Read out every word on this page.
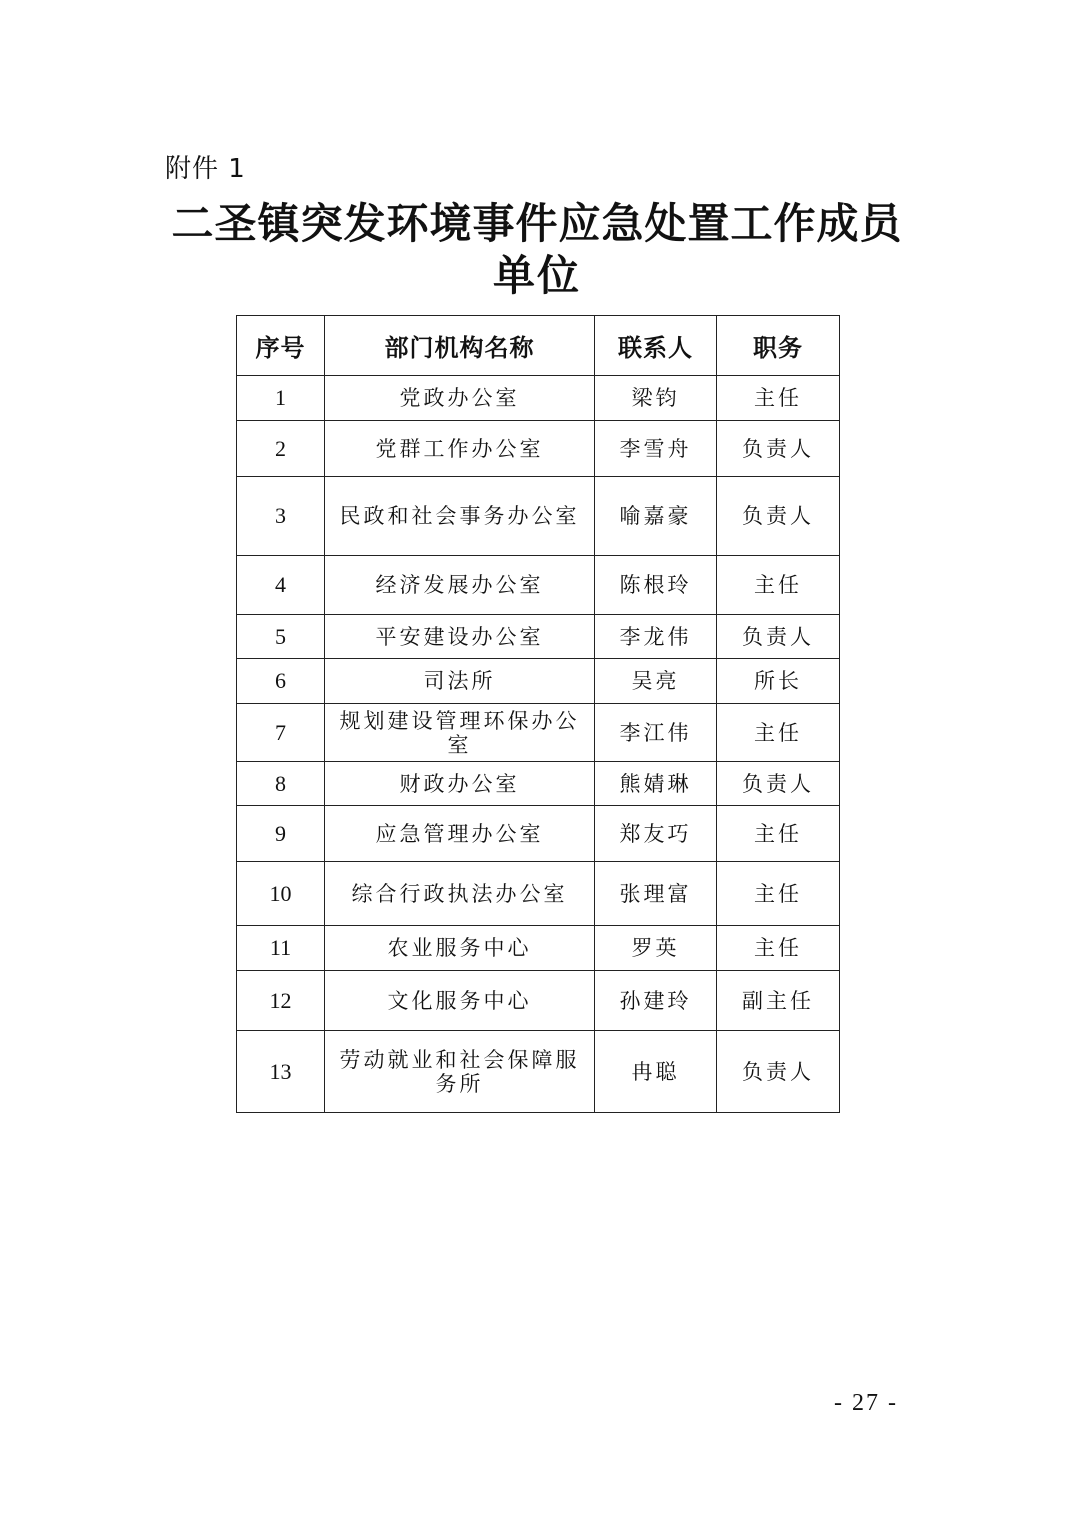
附件 1
二圣镇突发环境事件应急处置工作成员
单位
序号	部门机构名称	联系人	职务
1	党政办公室	梁钧	主任
2	党群工作办公室	李雪舟	负责人
3	民政和社会事务办公室	喻嘉豪	负责人
4	经济发展办公室	陈根玲	主任
5	平安建设办公室	李龙伟	负责人
6	司法所	吴亮	所长
7	规划建设管理环保办公室	李江伟	主任
8	财政办公室	熊婧琳	负责人
9	应急管理办公室	郑友巧	主任
10	综合行政执法办公室	张理富	主任
11	农业服务中心	罗英	主任
12	文化服务中心	孙建玲	副主任
13	劳动就业和社会保障服务所	冉聪	负责人
- 27 -
